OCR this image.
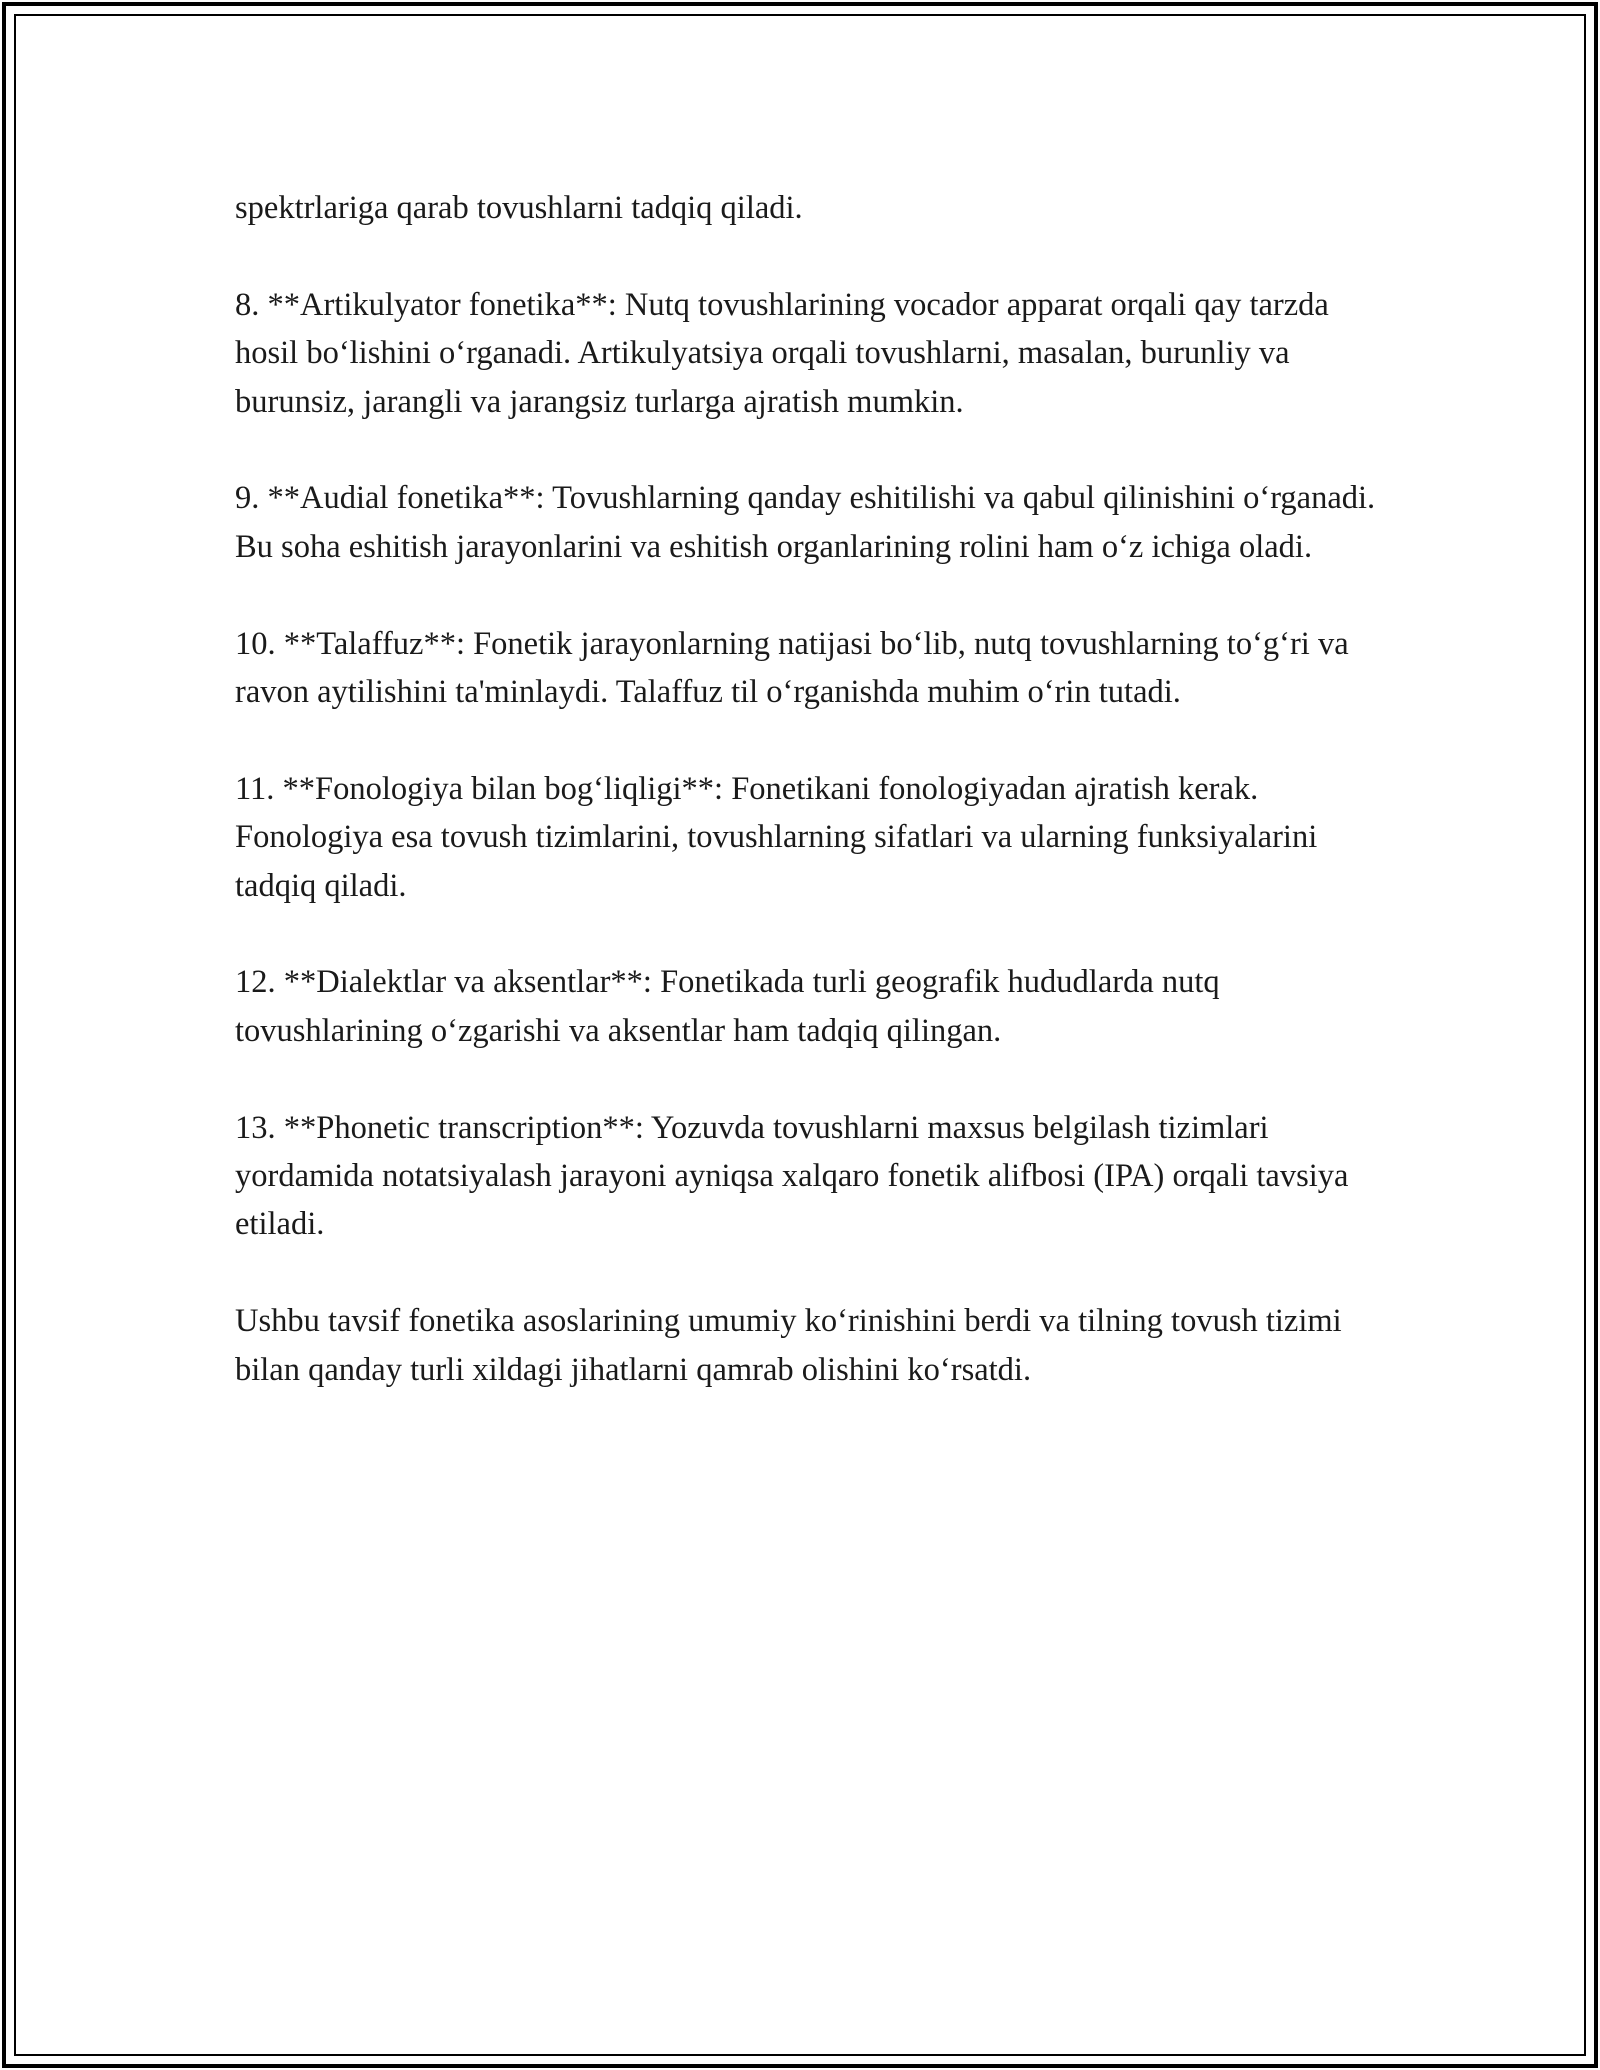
spektrlariga qarab tovushlarni tadqiq qiladi.

8. **Artikulyator fonetika**: Nutq tovushlarining vocador apparat orqali qay tarzda hosil boʻlishini oʻrganadi. Artikulyatsiya orqali tovushlarni, masalan, burunliy va burunsiz, jarangli va jarangsiz turlarga ajratish mumkin.

9. **Audial fonetika**: Tovushlarning qanday eshitilishi va qabul qilinishini oʻrganadi. Bu soha eshitish jarayonlarini va eshitish organlarining rolini ham oʻz ichiga oladi.

10. **Talaffuz**: Fonetik jarayonlarning natijasi boʻlib, nutq tovushlarning toʻgʻri va ravon aytilishini ta'minlaydi. Talaffuz til oʻrganishda muhim oʻrin tutadi.

11. **Fonologiya bilan bogʻliqligi**: Fonetikani fonologiyadan ajratish kerak. Fonologiya esa tovush tizimlarini, tovushlarning sifatlari va ularning funksiyalarini tadqiq qiladi.

12. **Dialektlar va aksentlar**: Fonetikada turli geografik hududlarda nutq tovushlarining oʻzgarishi va aksentlar ham tadqiq qilingan.

13. **Phonetic transcription**: Yozuvda tovushlarni maxsus belgilash tizimlari yordamida notatsiyalash jarayoni ayniqsa xalqaro fonetik alifbosi (IPA) orqali tavsiya etiladi.

Ushbu tavsif fonetika asoslarining umumiy koʻrinishini berdi va tilning tovush tizimi bilan qanday turli xildagi jihatlarni qamrab olishini koʻrsatdi.
